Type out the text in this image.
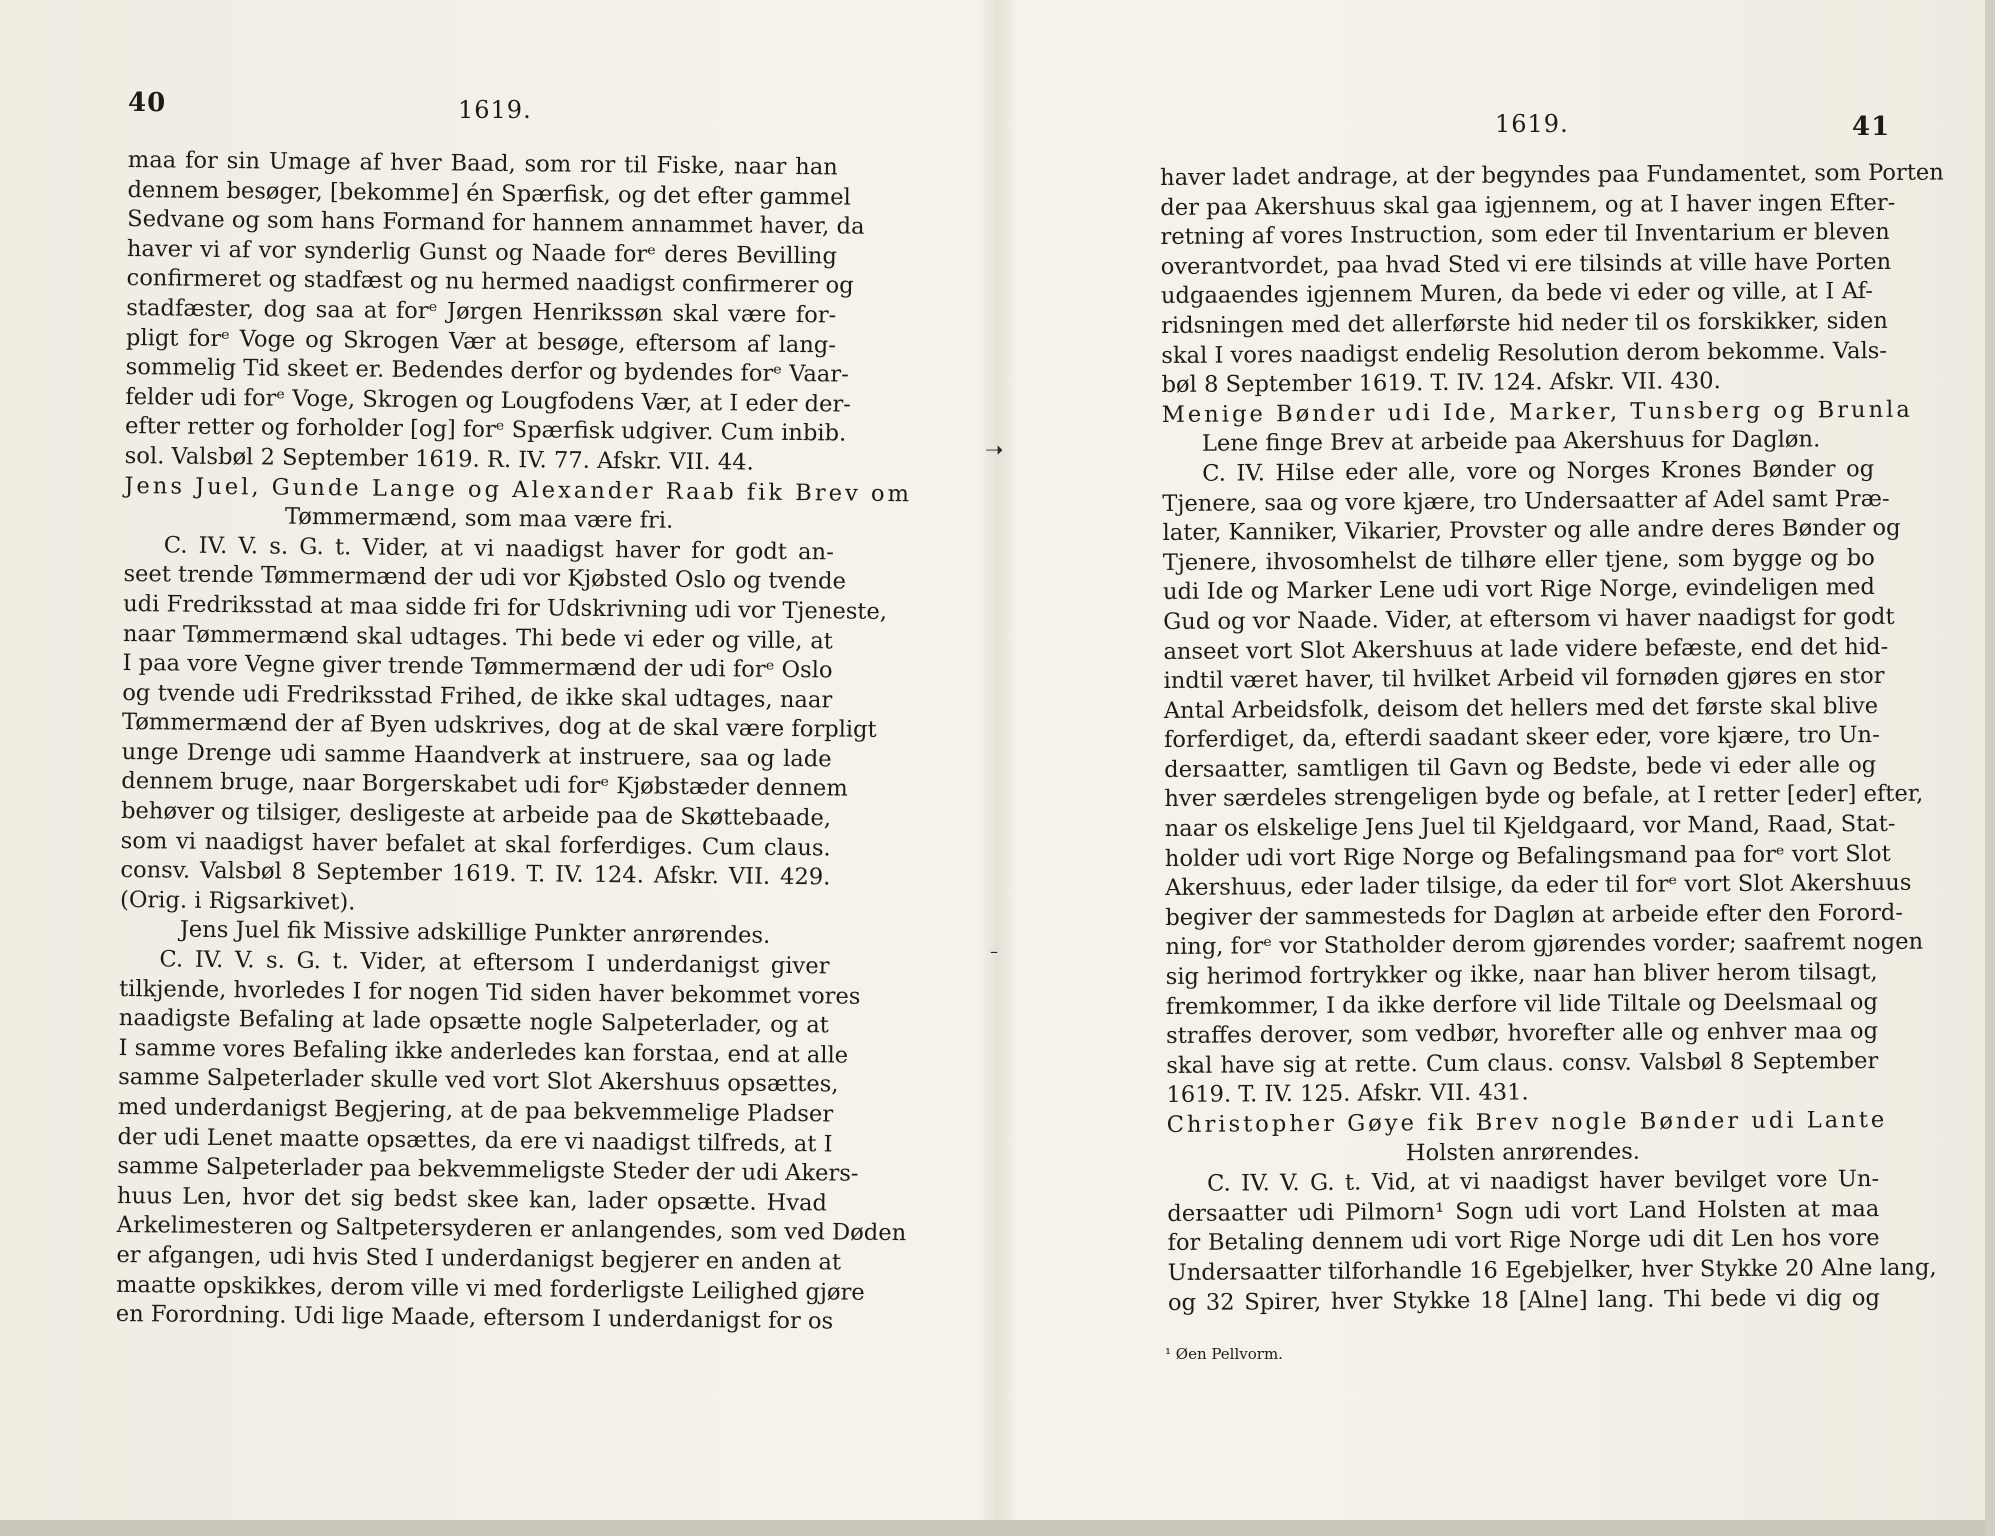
40	1619.
maa for sin Umage af hver Baad, som ror til Fiske, naar han
dennem besøger, [bekomme] én Spærfisk, og det efter gammel
Sedvane og som hans Formand for hannem annammet haver, da
haver vi af vor synderlig Gunst og Naade forᵉ deres Bevilling
confirmeret og stadfæst og nu hermed naadigst confirmerer og
stadfæster, dog saa at forᵉ Jørgen Henrikssøn skal være for-
pligt forᵉ Voge og Skrogen Vær at besøge, eftersom af lang-
sommelig Tid skeet er. Bedendes derfor og bydendes forᵉ Vaar-
felder udi forᵉ Voge, Skrogen og Lougfodens Vær, at I eder der-
efter retter og forholder [og] forᵉ Spærfisk udgiver. Cum inbib.
sol. Valsbøl 2 September 1619. R. IV. 77. Afskr. VII. 44.
Jens Juel, Gunde Lange og Alexander Raab fik Brev om
Tømmermænd, som maa være fri.
C. IV. V. s. G. t. Vider, at vi naadigst haver for godt an-
seet trende Tømmermænd der udi vor Kjøbsted Oslo og tvende
udi Fredriksstad at maa sidde fri for Udskrivning udi vor Tjeneste,
naar Tømmermænd skal udtages. Thi bede vi eder og ville, at
I paa vore Vegne giver trende Tømmermænd der udi forᵉ Oslo
og tvende udi Fredriksstad Frihed, de ikke skal udtages, naar
Tømmermænd der af Byen udskrives, dog at de skal være forpligt
unge Drenge udi samme Haandverk at instruere, saa og lade
dennem bruge, naar Borgerskabet udi forᵉ Kjøbstæder dennem
behøver og tilsiger, desligeste at arbeide paa de Skøttebaade,
som vi naadigst haver befalet at skal forferdiges. Cum claus.
consv. Valsbøl 8 September 1619. T. IV. 124. Afskr. VII. 429.
(Orig. i Rigsarkivet).
Jens Juel fik Missive adskillige Punkter anrørendes.
C. IV. V. s. G. t. Vider, at eftersom I underdanigst giver
tilkjende, hvorledes I for nogen Tid siden haver bekommet vores
naadigste Befaling at lade opsætte nogle Salpeterlader, og at
I samme vores Befaling ikke anderledes kan forstaa, end at alle
samme Salpeterlader skulle ved vort Slot Akershuus opsættes,
med underdanigst Begjering, at de paa bekvemmelige Pladser
der udi Lenet maatte opsættes, da ere vi naadigst tilfreds, at I
samme Salpeterlader paa bekvemmeligste Steder der udi Akers-
huus Len, hvor det sig bedst skee kan, lader opsætte. Hvad
Arkelimesteren og Saltpetersyderen er anlangendes, som ved Døden
er afgangen, udi hvis Sted I underdanigst begjerer en anden at
maatte opskikkes, derom ville vi med forderligste Leilighed gjøre
en Forordning. Udi lige Maade, eftersom I underdanigst for os
➝
–
1619.	41
haver ladet andrage, at der begyndes paa Fundamentet, som Porten
der paa Akershuus skal gaa igjennem, og at I haver ingen Efter-
retning af vores Instruction, som eder til Inventarium er bleven
overantvordet, paa hvad Sted vi ere tilsinds at ville have Porten
udgaaendes igjennem Muren, da bede vi eder og ville, at I Af-
ridsningen med det allerførste hid neder til os forskikker, siden
skal I vores naadigst endelig Resolution derom bekomme. Vals-
bøl 8 September 1619. T. IV. 124. Afskr. VII. 430.
Menige Bønder udi Ide, Marker, Tunsberg og Brunla
Lene finge Brev at arbeide paa Akershuus for Dagløn.
C. IV. Hilse eder alle, vore og Norges Krones Bønder og
Tjenere, saa og vore kjære, tro Undersaatter af Adel samt Præ-
later, Kanniker, Vikarier, Provster og alle andre deres Bønder og
Tjenere, ihvosomhelst de tilhøre eller tjene, som bygge og bo
udi Ide og Marker Lene udi vort Rige Norge, evindeligen med
Gud og vor Naade. Vider, at eftersom vi haver naadigst for godt
anseet vort Slot Akershuus at lade videre befæste, end det hid-
indtil været haver, til hvilket Arbeid vil fornøden gjøres en stor
Antal Arbeidsfolk, deisom det hellers med det første skal blive
forferdiget, da, efterdi saadant skeer eder, vore kjære, tro Un-
dersaatter, samtligen til Gavn og Bedste, bede vi eder alle og
hver særdeles strengeligen byde og befale, at I retter [eder] efter,
naar os elskelige Jens Juel til Kjeldgaard, vor Mand, Raad, Stat-
holder udi vort Rige Norge og Befalingsmand paa forᵉ vort Slot
Akershuus, eder lader tilsige, da eder til forᵉ vort Slot Akershuus
begiver der sammesteds for Dagløn at arbeide efter den Forord-
ning, forᵉ vor Statholder derom gjørendes vorder; saafremt nogen
sig herimod fortrykker og ikke, naar han bliver herom tilsagt,
fremkommer, I da ikke derfore vil lide Tiltale og Deelsmaal og
straffes derover, som vedbør, hvorefter alle og enhver maa og
skal have sig at rette. Cum claus. consv. Valsbøl 8 September
1619. T. IV. 125. Afskr. VII. 431.
Christopher Gøye fik Brev nogle Bønder udi Lante
Holsten anrørendes.
C. IV. V. G. t. Vid, at vi naadigst haver bevilget vore Un-
dersaatter udi Pilmorn¹ Sogn udi vort Land Holsten at maa
for Betaling dennem udi vort Rige Norge udi dit Len hos vore
Undersaatter tilforhandle 16 Egebjelker, hver Stykke 20 Alne lang,
og 32 Spirer, hver Stykke 18 [Alne] lang. Thi bede vi dig og
¹ Øen Pellvorm.
